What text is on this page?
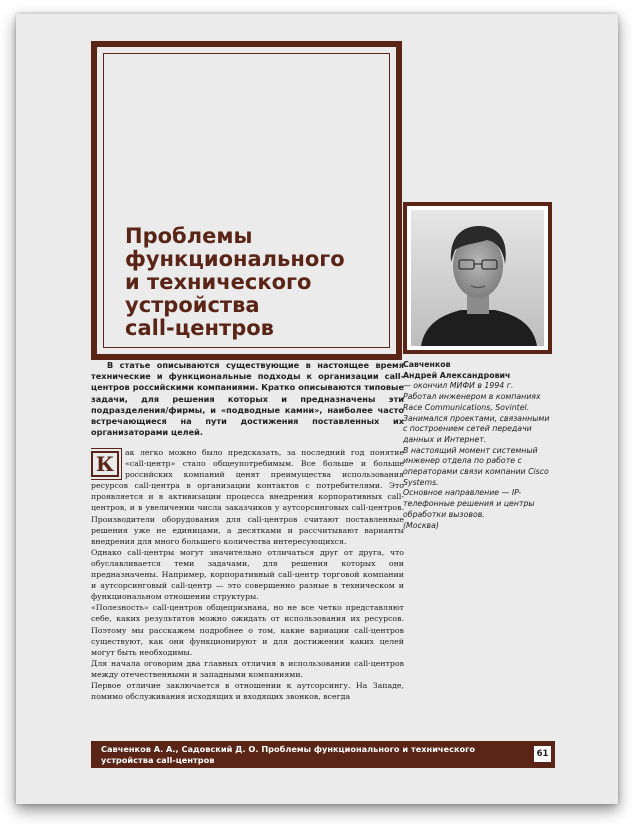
Проблемы
функционального
и технического
устройства
call-центров

В статье описываются существующие в настоящее время технические и функциональные подходы к организации call-центров российскими компаниями. Кратко описываются типовые задачи, для решения которых и предназначены эти подразделения/фирмы, и «подводные камни», наиболее часто встречающиеся на пути достижения поставленных их организаторами целей.

К	ак легко можно было предсказать, за последний год понятие «call-центр» стало общеупотребимым. Все больше и больше российских компаний ценят преимущества использования ресурсов call-центра в организации контактов с потребителями. Это проявляется и в активизации процесса внедрения корпоративных call-центров, и в увеличении числа заказчиков у аутсорсинговых call-центров. Производители оборудования для call-центров считают поставленные решения уже не единицами, а десятками и рассчитывают варианты внедрения для много большего количества интересующихся.

Однако call-центры могут значительно отличаться друг от друга, что обуславливается теми задачами, для решения которых они предназначены. Например, корпоративный call-центр торговой компании и аутсорсинговый call-центр — это совершенно разные в техническом и функциональном отношении структуры.

«Полезность» call-центров общепризнана, но не все четко представляют себе, каких результатов можно ожидать от использования их ресурсов. Поэтому мы расскажем подробнее о том, какие вариации call-центров существуют, как они функционируют и для достижения каких целей могут быть необходимы.

Для начала оговорим два главных отличия в использовании call-центров между отечественными и западными компаниями.

Первое отличие заключается в отношении к аутсорсингу. На Западе, помимо обслуживания исходящих и входящих звонков, всегда

Савченков
Андрей Александрович
— окончил МИФИ в 1994 г.
Работал инженером в компаниях Race Communications, Sovintel.
Занимался проектами, связанными с построением сетей передачи данных и Интернет.
В настоящий момент системный инженер отдела по работе с операторами связи компании Cisco Systems.
Основное направление — IP-телефонные решения и центры обработки вызовов.
(Москва)

Савченков А. А., Садовский Д. О. Проблемы функционального и технического устройства call-центров

61
